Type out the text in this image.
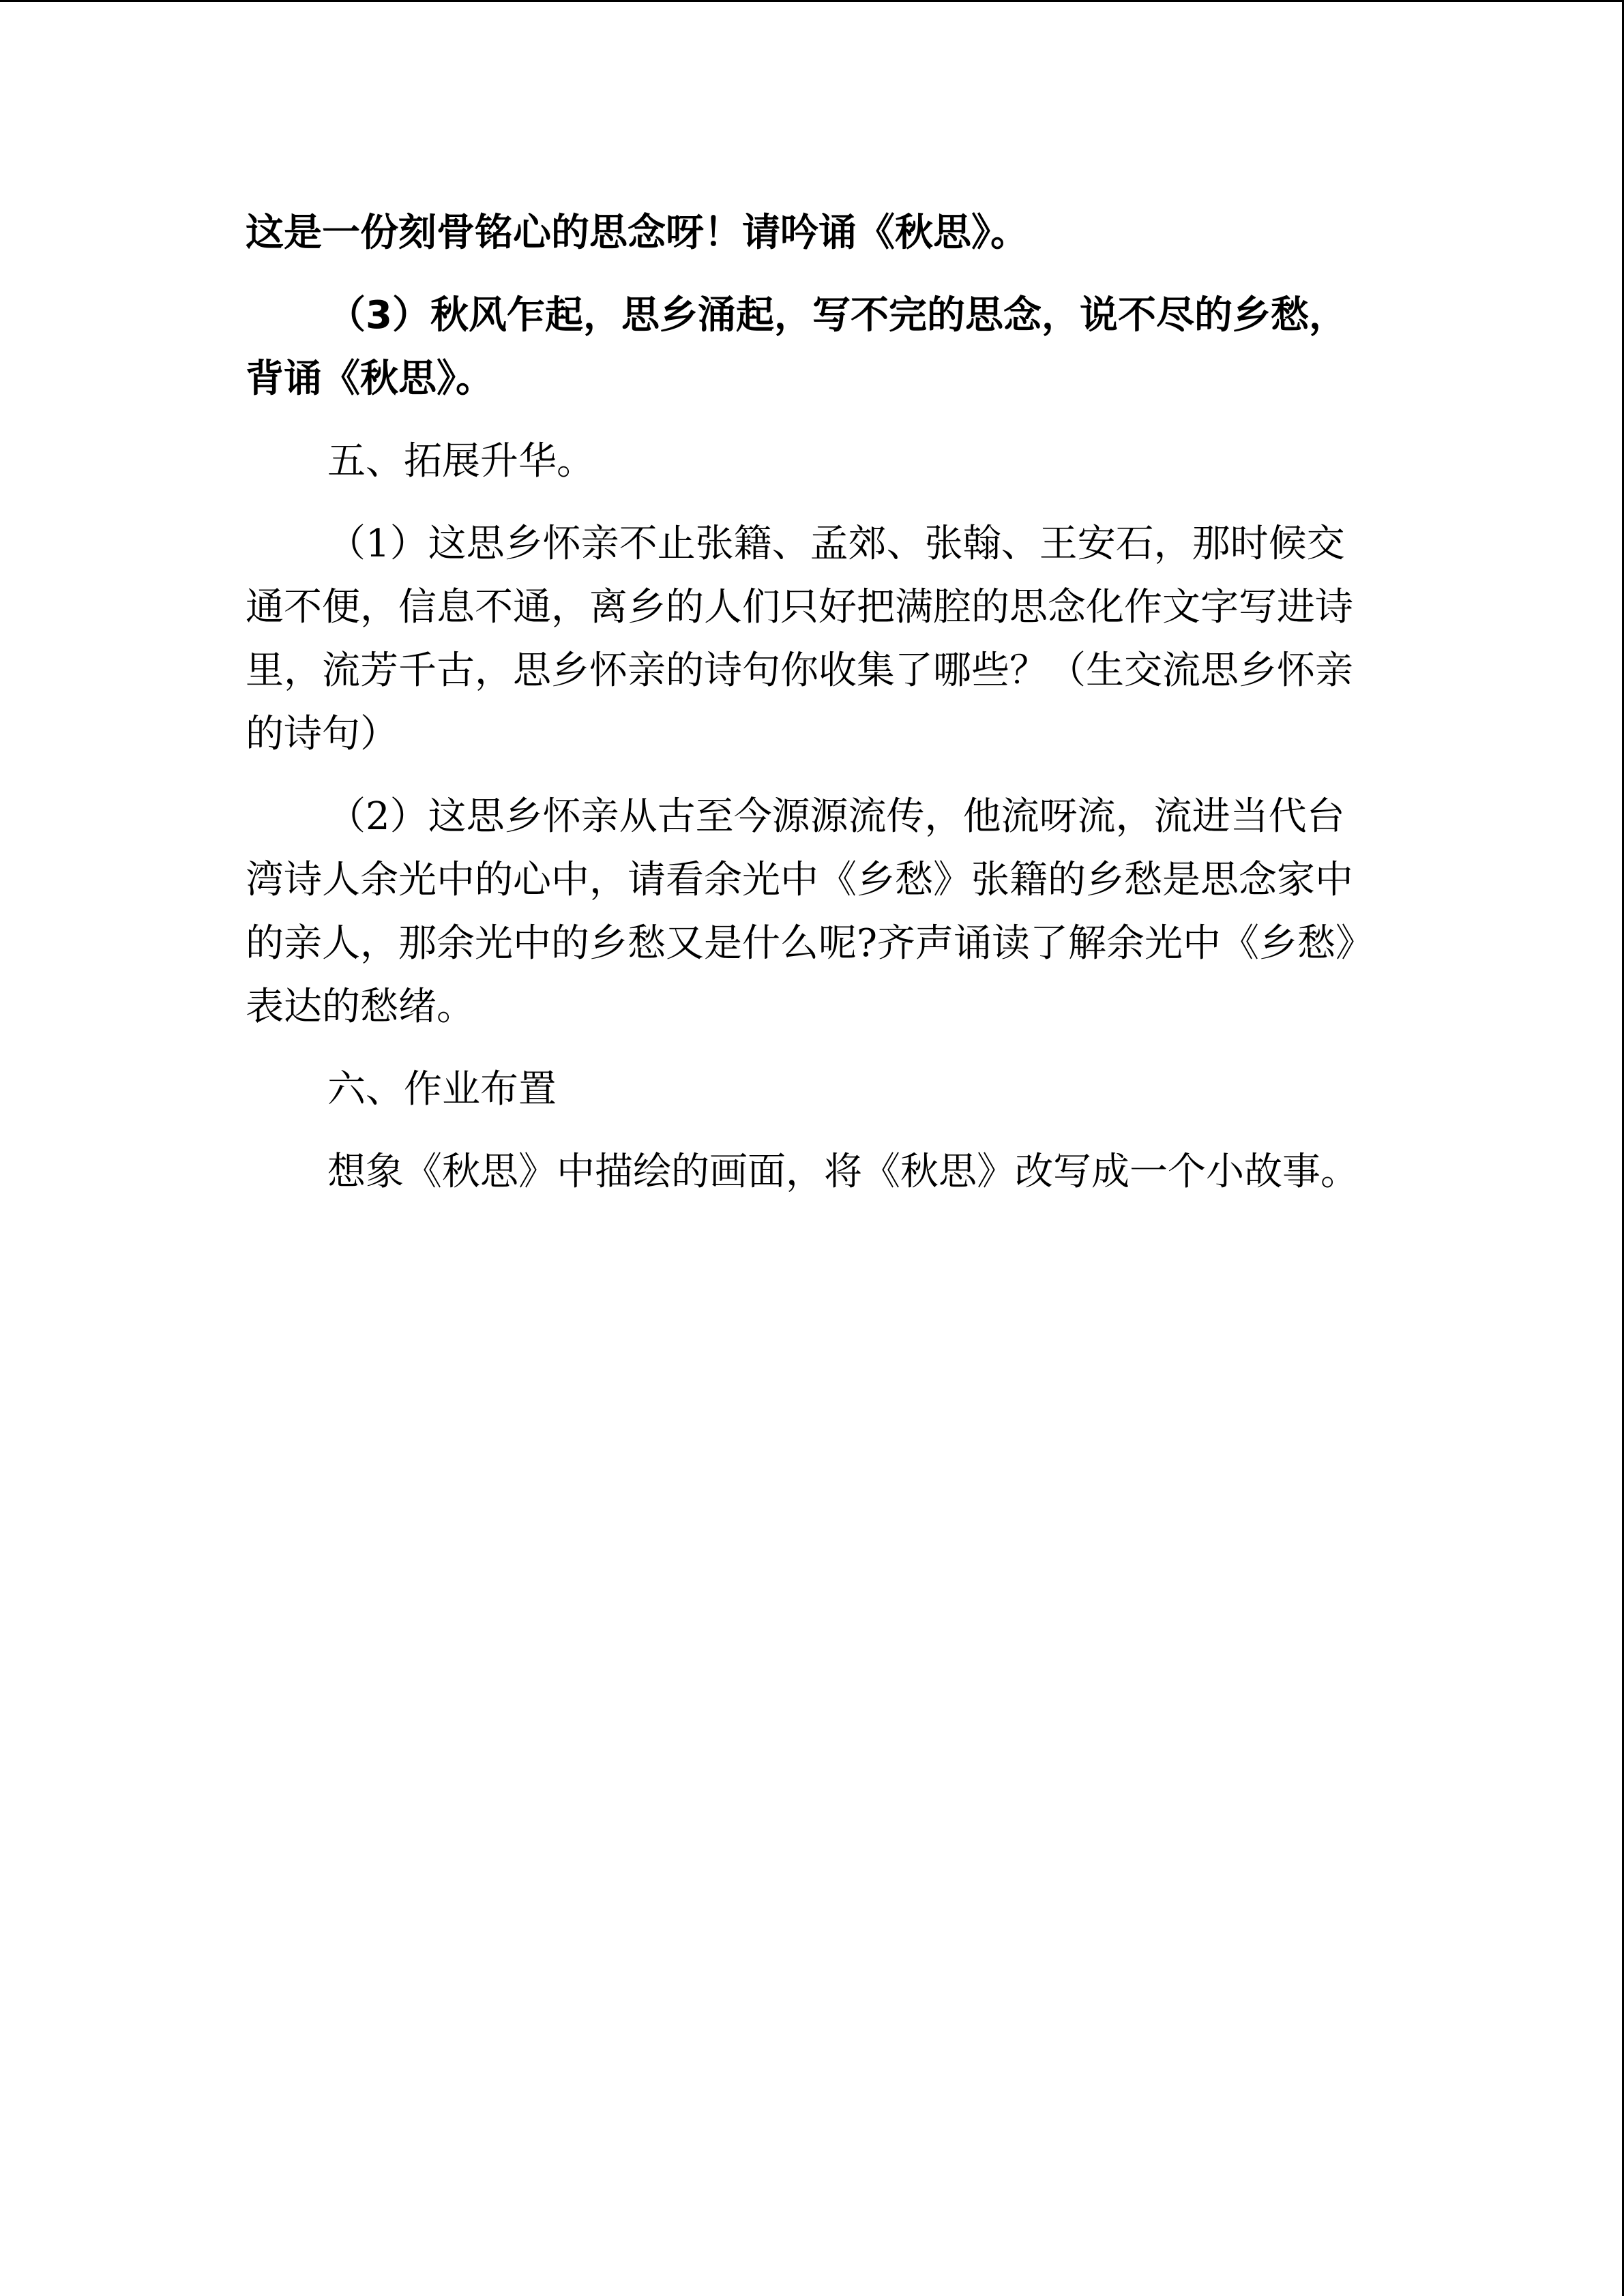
这是一份刻骨铭心的思念呀！请吟诵《秋思》。

（3）秋风乍起，思乡涌起，写不完的思念，说不尽的乡愁，背诵《秋思》。

五、拓展升华。

（1）这思乡怀亲不止张籍、孟郊、张翰、王安石，那时候交通不便，信息不通，离乡的人们只好把满腔的思念化作文字写进诗里，流芳千古，思乡怀亲的诗句你收集了哪些？（生交流思乡怀亲的诗句）

（2）这思乡怀亲从古至今源源流传，他流呀流，流进当代台湾诗人余光中的心中，请看余光中《乡愁》张籍的乡愁是思念家中的亲人，那余光中的乡愁又是什么呢?齐声诵读了解余光中《乡愁》表达的愁绪。

六、作业布置

想象《秋思》中描绘的画面，将《秋思》改写成一个小故事。
